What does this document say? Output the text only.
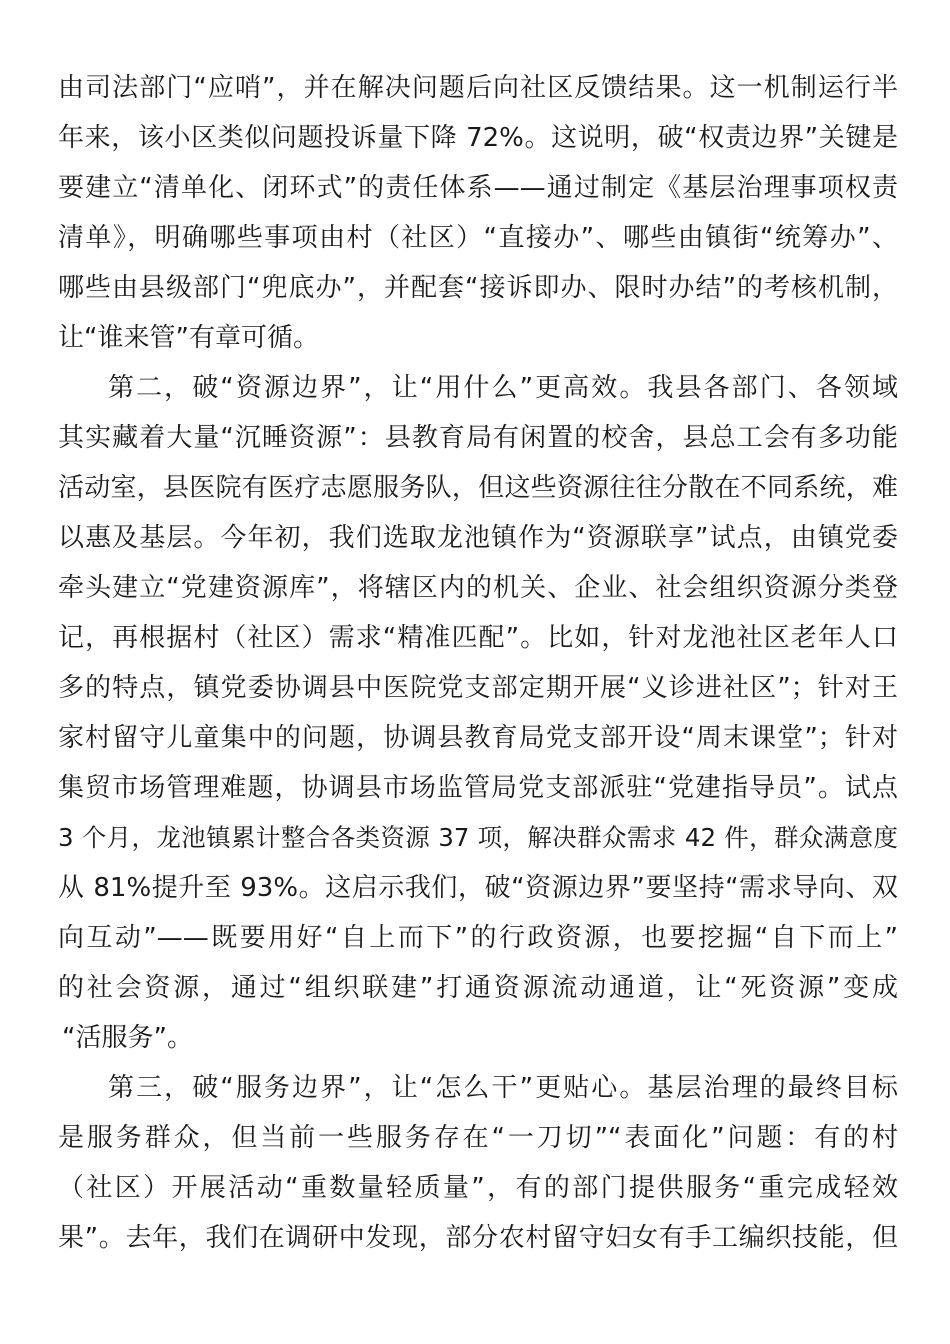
由司法部门“应哨”，并在解决问题后向社区反馈结果。这一机制运行半
年来，该小区类似问题投诉量下降 72%。这说明，破“权责边界”关键是
要建立“清单化、闭环式”的责任体系——通过制定《基层治理事项权责
清单》，明确哪些事项由村（社区）“直接办”、哪些由镇街“统筹办”、
哪些由县级部门“兜底办”，并配套“接诉即办、限时办结”的考核机制，
让“谁来管”有章可循。
第二，破“资源边界”，让“用什么”更高效。我县各部门、各领域
其实藏着大量“沉睡资源”：县教育局有闲置的校舍，县总工会有多功能
活动室，县医院有医疗志愿服务队，但这些资源往往分散在不同系统，难
以惠及基层。今年初，我们选取龙池镇作为“资源联享”试点，由镇党委
牵头建立“党建资源库”，将辖区内的机关、企业、社会组织资源分类登
记，再根据村（社区）需求“精准匹配”。比如，针对龙池社区老年人口
多的特点，镇党委协调县中医院党支部定期开展“义诊进社区”；针对王
家村留守儿童集中的问题，协调县教育局党支部开设“周末课堂”；针对
集贸市场管理难题，协调县市场监管局党支部派驻“党建指导员”。试点
3 个月，龙池镇累计整合各类资源 37 项，解决群众需求 42 件，群众满意度
从 81%提升至 93%。这启示我们，破“资源边界”要坚持“需求导向、双
向互动”——既要用好“自上而下”的行政资源，也要挖掘“自下而上”
的社会资源，通过“组织联建”打通资源流动通道，让“死资源”变成
“活服务”。
第三，破“服务边界”，让“怎么干”更贴心。基层治理的最终目标
是服务群众，但当前一些服务存在“一刀切”“表面化”问题：有的村
（社区）开展活动“重数量轻质量”，有的部门提供服务“重完成轻效
果”。去年，我们在调研中发现，部分农村留守妇女有手工编织技能，但
